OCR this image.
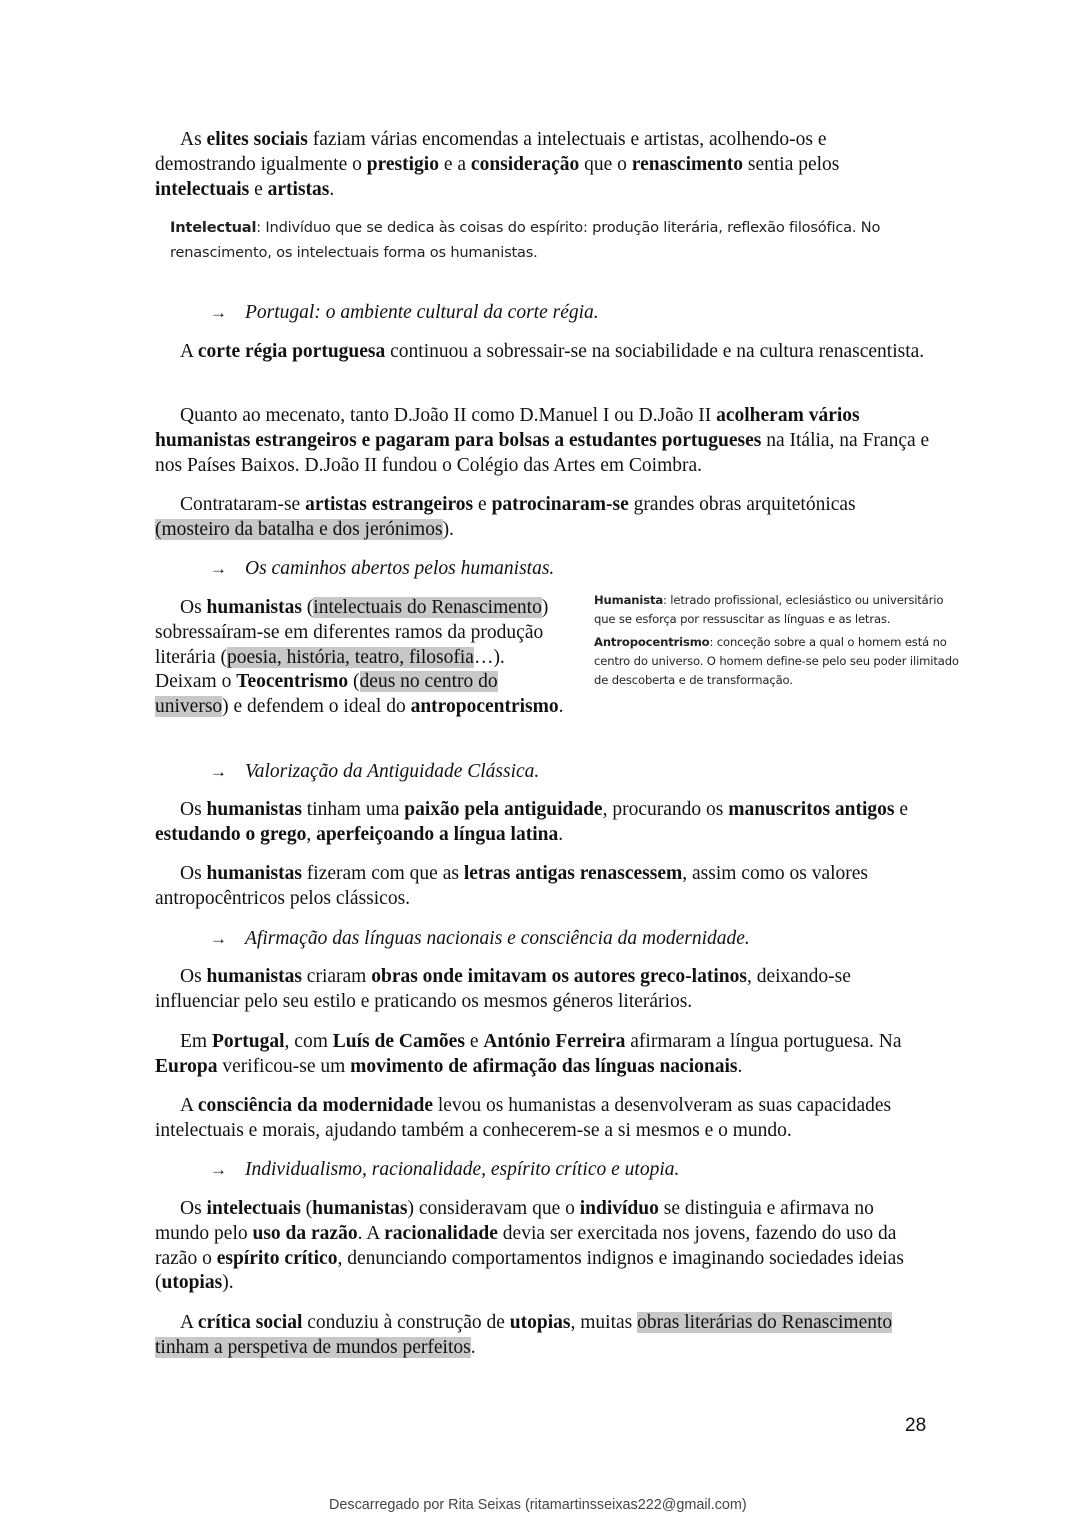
As elites sociais faziam várias encomendas a intelectuais e artistas, acolhendo-os e demostrando igualmente o prestigio e a consideração que o renascimento sentia pelos intelectuais e artistas.

Intelectual: Indivíduo que se dedica às coisas do espírito: produção literária, reflexão filosófica. No renascimento, os intelectuais forma os humanistas.
→ Portugal: o ambiente cultural da corte régia.

A corte régia portuguesa continuou a sobressair-se na sociabilidade e na cultura renascentista.

Quanto ao mecenato, tanto D.João II como D.Manuel I ou D.João II acolheram vários humanistas estrangeiros e pagaram para bolsas a estudantes portugueses na Itália, na França e nos Países Baixos. D.João II fundou o Colégio das Artes em Coimbra.

Contrataram-se artistas estrangeiros e patrocinaram-se grandes obras arquitetónicas (mosteiro da batalha e dos jerónimos).

→ Os caminhos abertos pelos humanistas.

Os humanistas (intelectuais do Renascimento) sobressaíram-se em diferentes ramos da produção literária (poesia, história, teatro, filosofia…). Deixam o Teocentrismo (deus no centro do universo) e defendem o ideal do antropocentrismo.

Humanista: letrado profissional, eclesiástico ou universitário que se esforça por ressuscitar as línguas e as letras.
Antropocentrismo: conceção sobre a qual o homem está no centro do universo. O homem define-se pelo seu poder ilimitado de descoberta e de transformação.
→ Valorização da Antiguidade Clássica.

Os humanistas tinham uma paixão pela antiguidade, procurando os manuscritos antigos e estudando o grego, aperfeiçoando a língua latina.

Os humanistas fizeram com que as letras antigas renascessem, assim como os valores antropocêntricos pelos clássicos.

→ Afirmação das línguas nacionais e consciência da modernidade.

Os humanistas criaram obras onde imitavam os autores greco-latinos, deixando-se influenciar pelo seu estilo e praticando os mesmos géneros literários.

Em Portugal, com Luís de Camões e António Ferreira afirmaram a língua portuguesa. Na Europa verificou-se um movimento de afirmação das línguas nacionais.

A consciência da modernidade levou os humanistas a desenvolveram as suas capacidades intelectuais e morais, ajudando também a conhecerem-se a si mesmos e o mundo.

→ Individualismo, racionalidade, espírito crítico e utopia.

Os intelectuais (humanistas) consideravam que o indivíduo se distinguia e afirmava no mundo pelo uso da razão. A racionalidade devia ser exercitada nos jovens, fazendo do uso da razão o espírito crítico, denunciando comportamentos indignos e imaginando sociedades ideias (utopias).

A crítica social conduziu à construção de utopias, muitas obras literárias do Renascimento tinham a perspetiva de mundos perfeitos.

28
Descarregado por Rita Seixas (ritamartinsseixas222@gmail.com)
